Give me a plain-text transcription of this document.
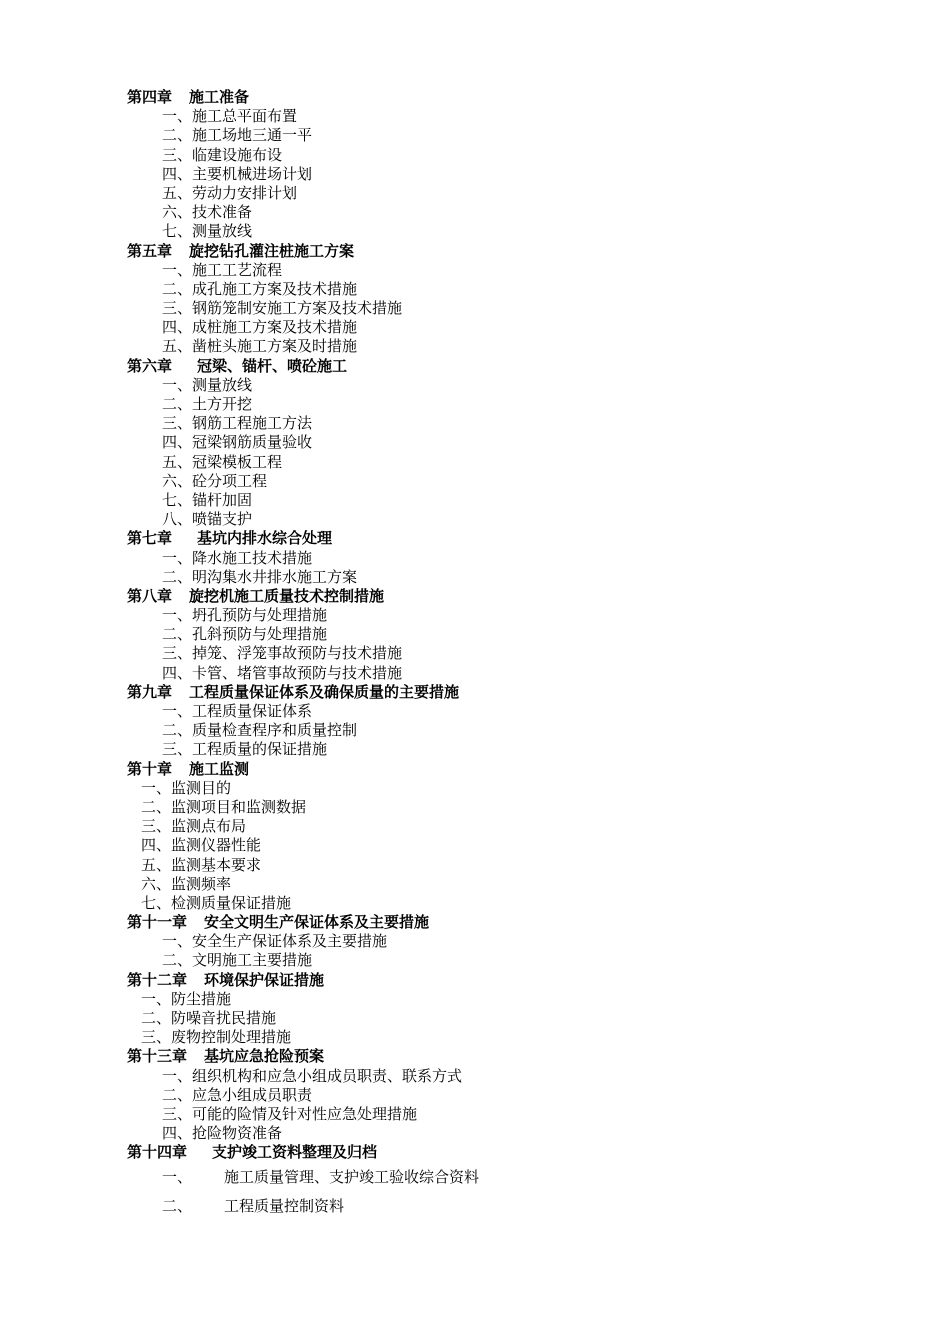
第四章	施工准备
一、 施工总平面布置
二、 施工场地三通一平
三、 临建设施布设
四、 主要机械进场计划
五、 劳动力安排计划
六、 技术准备
七、 测量放线
第五章	旋挖钻孔灌注桩施工方案
一、 施工工艺流程
二、 成孔施工方案及技术措施
三、 钢筋笼制安施工方案及技术措施
四、 成桩施工方案及技术措施
五、 凿桩头施工方案及时措施
第六章	冠梁、锚杆、喷砼施工
一、 测量放线
二、 土方开挖
三、 钢筋工程施工方法
四、 冠梁钢筋质量验收
五、 冠梁模板工程
六、 砼分项工程
七、 锚杆加固
八、 喷锚支护
第七章	基坑内排水综合处理
一、 降水施工技术措施
二、 明沟集水井排水施工方案
第八章	旋挖机施工质量技术控制措施
一、 坍孔预防与处理措施
二、 孔斜预防与处理措施
三、 掉笼、浮笼事故预防与技术措施
四、 卡管、堵管事故预防与技术措施
第九章	工程质量保证体系及确保质量的主要措施
一、 工程质量保证体系
二、 质量检查程序和质量控制
三、 工程质量的保证措施
第十章	施工监测
一、 监测目的
二、 监测项目和监测数据
三、 监测点布局
四、 监测仪器性能
五、 监测基本要求
六、 监测频率
七、 检测质量保证措施
第十一章	安全文明生产保证体系及主要措施
一、 安全生产保证体系及主要措施
二、 文明施工主要措施
第十二章	环境保护保证措施
一、 防尘措施
二、 防噪音扰民措施
三、 废物控制处理措施
第十三章	基坑应急抢险预案
一、 组织机构和应急小组成员职责、联系方式
二、 应急小组成员职责
三、 可能的险情及针对性应急处理措施
四、 抢险物资准备
第十四章	支护竣工资料整理及归档
一、	施工质量管理、支护竣工验收综合资料
二、	工程质量控制资料
